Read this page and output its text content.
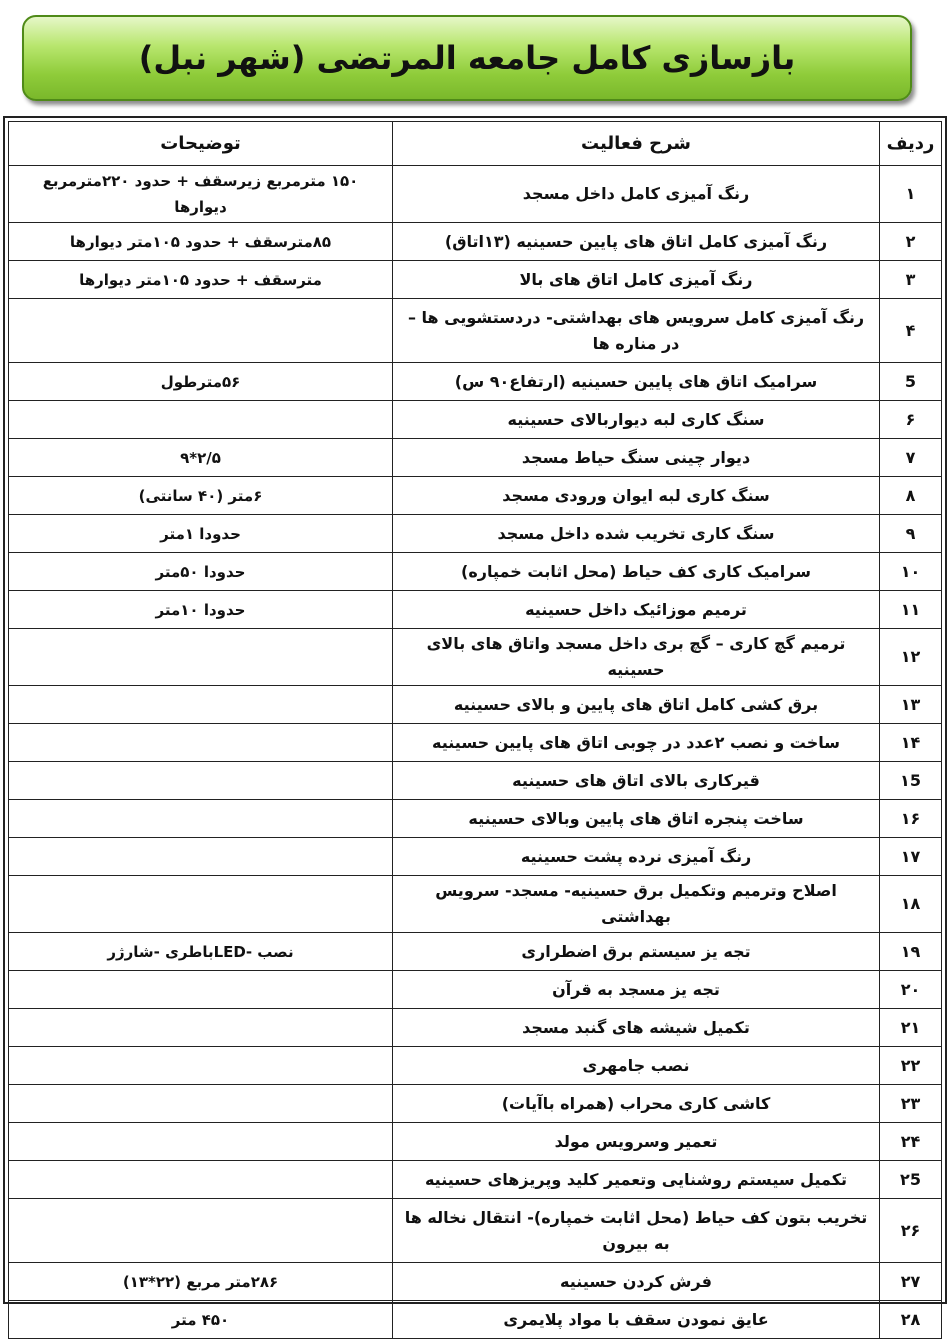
بازسازی کامل جامعه المرتضی (شهر نبل)
ردیف	شرح فعالیت	توضیحات
۱	رنگ آمیزی کامل داخل مسجد	۱۵۰ مترمربع زیرسقف + حدود ۲۲۰مترمربع دیوارها
۲	رنگ آمیزی کامل اتاق های پایین حسینیه (۱۳اتاق)	۸۵مترسقف + حدود ۱۰۵متر دیوارها
۳	رنگ آمیزی کامل اتاق های بالا	مترسقف + حدود ۱۰۵متر دیوارها
۴	رنگ آمیزی کامل سرویس های بهداشتی- دردستشویی ها – در مناره ها	
5	سرامیک اتاق های پایین حسینیه (ارتفاع۹۰ س)	۵۶مترطول
۶	سنگ کاری لبه دیواربالای حسینیه	
۷	دیوار چینی سنگ حیاط مسجد	۲/۵*۹
۸	سنگ کاری لبه ایوان ورودی مسجد	۶متر (۴۰ سانتی)
۹	سنگ کاری تخریب شده داخل مسجد	حدودا ۱متر
۱۰	سرامیک کاری کف حیاط (محل اثابت خمپاره)	حدودا ۵۰متر
۱۱	ترمیم موزائیک داخل حسینیه	حدودا ۱۰متر
۱۲	ترمیم گچ کاری – گچ بری داخل مسجد واتاق های بالای حسینیه	
۱۳	برق کشی کامل اتاق های پایین و بالای حسینیه	
۱۴	ساخت و نصب ۲عدد در چوبی اتاق های پایین حسینیه	
۱5	قیرکاری بالای اتاق های حسینیه	
۱۶	ساخت پنجره اتاق های پایین وبالای حسینیه	
۱۷	رنگ آمیزی نرده پشت حسینیه	
۱۸	اصلاح وترمیم وتکمیل برق حسینیه- مسجد- سرویس بهداشتی	
۱۹	تجه یز سیستم برق اضطراری	نصب -LEDباطری -شارژر
۲۰	تجه یز مسجد به قرآن	
۲۱	تکمیل شیشه های گنبد مسجد	
۲۲	نصب جامهری	
۲۳	کاشی کاری محراب (همراه باآیات)	
۲۴	تعمیر وسرویس مولد	
۲5	تکمیل سیستم روشنایی وتعمیر کلید وپریزهای حسینیه	
۲۶	تخریب بتون کف حیاط (محل اثابت خمپاره)- انتقال نخاله ها به بیرون	
۲۷	فرش کردن حسینیه	۲۸۶متر مربع (۲۲*۱۳)
۲۸	عایق نمودن سقف با مواد پلایمری	۴۵۰ متر
